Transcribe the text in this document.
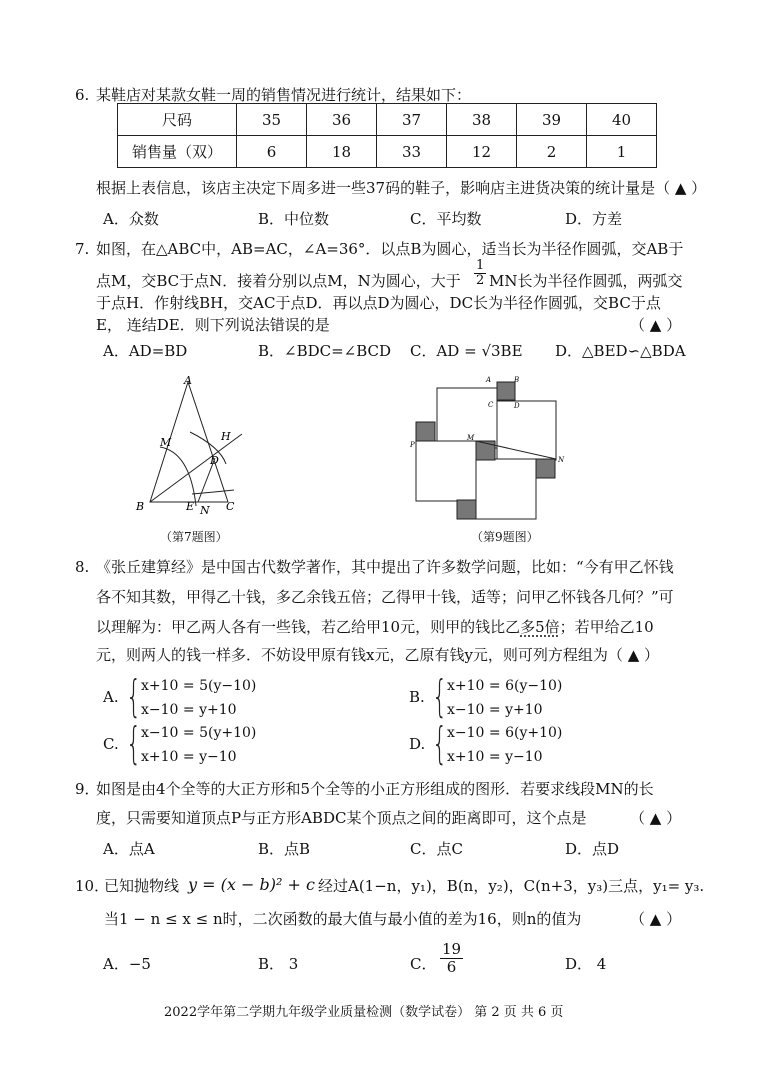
6. 某鞋店对某款女鞋一周的销售情况进行统计，结果如下：
尺码	35	36	37	38	39	40
销售量（双）	6	18	33	12	2	1
根据上表信息，该店主决定下周多进一些37码的鞋子，影响店主进货决策的统计量是（ ▲ ）
A．众数	B．中位数	C．平均数	D．方差
7. 如图，在△ABC中，AB=AC，∠A=36°．以点B为圆心，适当长为半径作圆弧，交AB于
点M，交BC于点N．接着分别以点M，N为圆心，大于 $\frac{1}{2}$ MN长为半径作圆弧，两弧交
于点H．作射线BH，交AC于点D．再以点D为圆心，DC长为半径作圆弧，交BC于点
E， 连结DE．则下列说法错误的是	（ ▲ ）
A．AD=BD	B．∠BDC=∠BCD C．AD = √3BE D．△BED∽△BDA
A
B	C
M	H
D
E N
（第7题图）
A	B
C	D
M
N
P
（第9题图）
8. 《张丘建算经》是中国古代数学著作，其中提出了许多数学问题，比如：“今有甲乙怀钱
各不知其数，甲得乙十钱，多乙余钱五倍；乙得甲十钱，适等；问甲乙怀钱各几何？”可
以理解为：甲乙两人各有一些钱，若乙给甲10元，则甲的钱比乙多5倍；若甲给乙10
元，则两人的钱一样多．不妨设甲原有钱x元，乙原有钱y元，则可列方程组为（ ▲ ）
A. { x+10 = 5(y−10)
x−10 = y+10
B. { x+10 = 6(y−10)
x−10 = y+10
C. { x−10 = 5(y+10)
x+10 = y−10
D. { x−10 = 6(y+10)
x+10 = y−10
9．
如图是由4个全等的大正方形和5个全等的小正方形组成的图形．若要求线段MN的长
度，只需要知道顶点P与正方形ABDC某个顶点之间的距离即可，这个点是	（ ▲ ）
A．点A	B．点B	C．点C	D．点D
10．
已知抛物线 y = (x − b)² + c 经过A(1−n，y₁)，B(n，y₂)，C(n+3，y₃)三点，y₁= y₃.
当1 − n ≤ x ≤ n时，二次函数的最大值与最小值的差为16，则n的值为	（ ▲ ）
A．−5	B． 3	C． $\frac{19}{6}$	D． 4
2022学年第二学期九年级学业质量检测（数学试卷） 第 2 页 共 6 页
